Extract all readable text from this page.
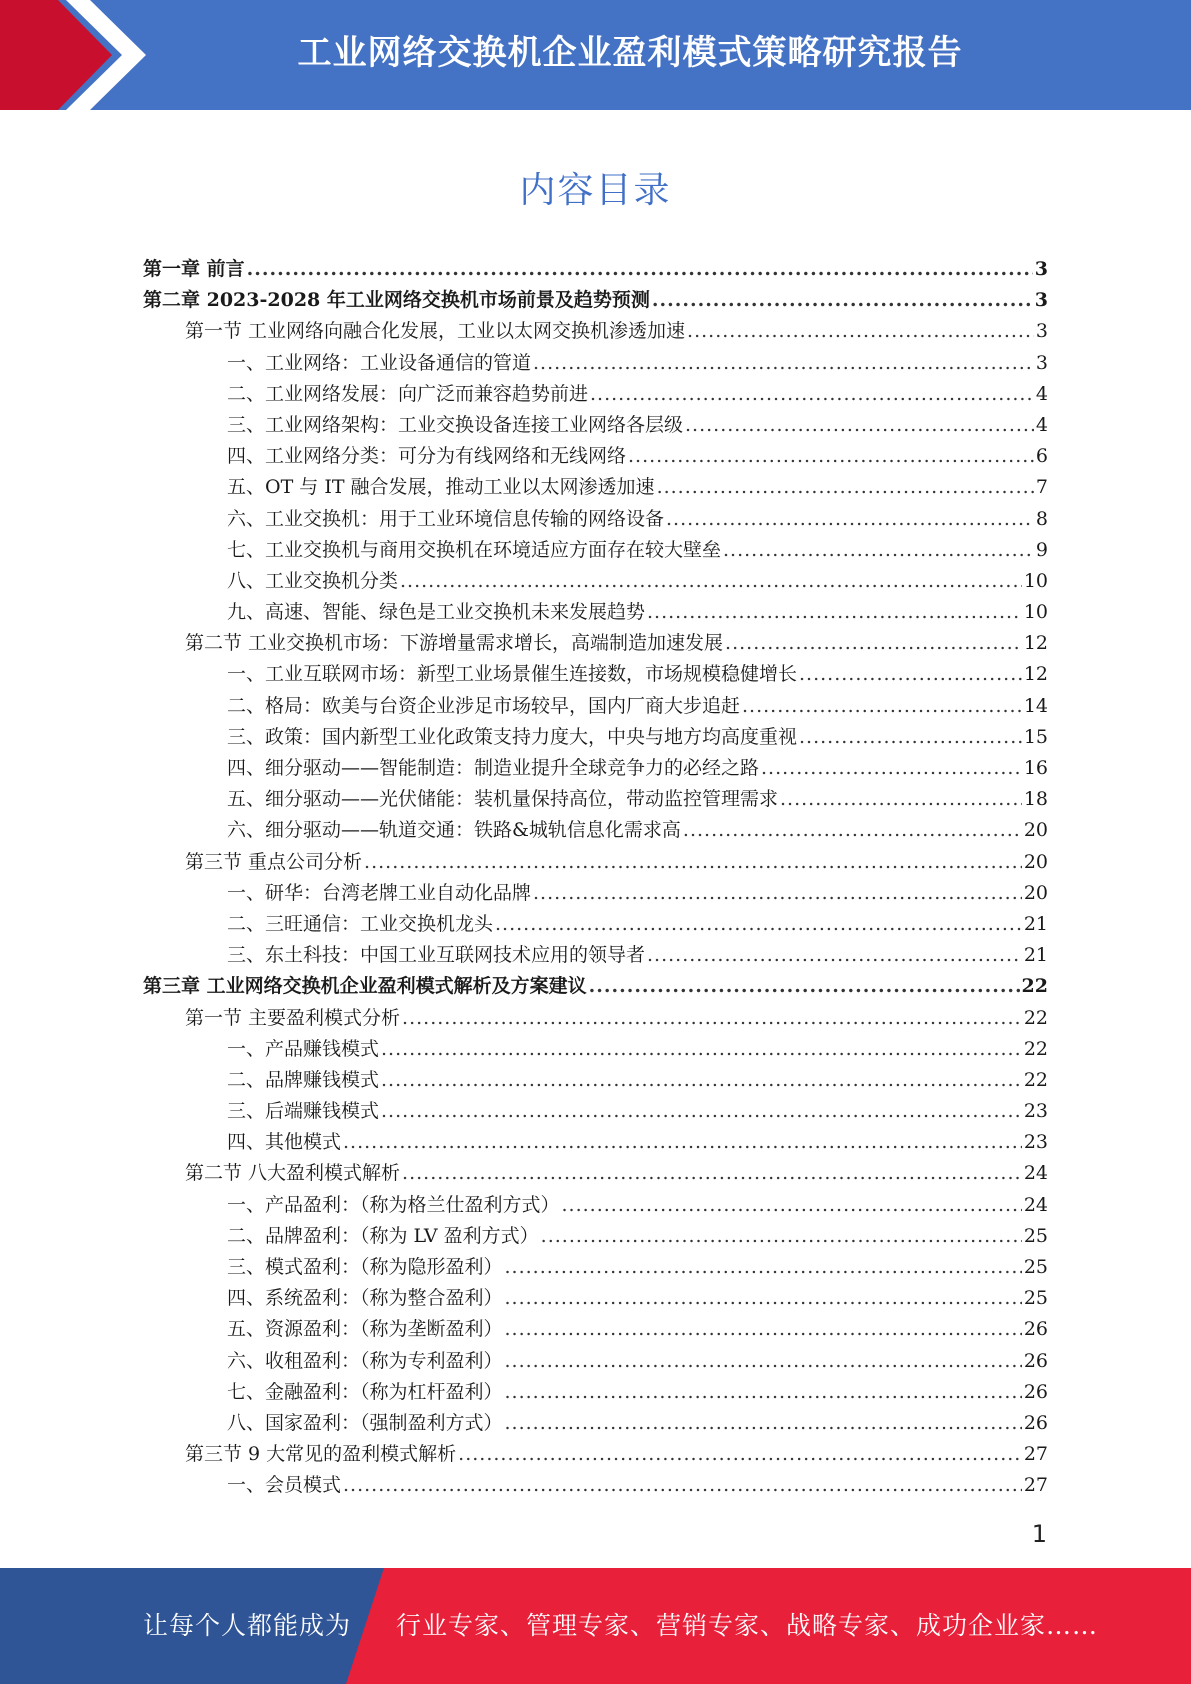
工业网络交换机企业盈利模式策略研究报告
内容目录
第一章 前言 .....	3
第二章 2023-2028 年工业网络交换机市场前景及趋势预测 .....	3
第一节 工业网络向融合化发展，工业以太网交换机渗透加速 .....	3
一、工业网络：工业设备通信的管道 .....	3
二、工业网络发展：向广泛而兼容趋势前进 .....	4
三、工业网络架构：工业交换设备连接工业网络各层级 .....	4
四、工业网络分类：可分为有线网络和无线网络 .....	6
五、OT 与 IT 融合发展，推动工业以太网渗透加速 .....	7
六、工业交换机：用于工业环境信息传输的网络设备 .....	8
七、工业交换机与商用交换机在环境适应方面存在较大壁垒 .....	9
八、工业交换机分类 .....	10
九、高速、智能、绿色是工业交换机未来发展趋势 .....	10
第二节 工业交换机市场：下游增量需求增长，高端制造加速发展 .....	12
一、工业互联网市场：新型工业场景催生连接数，市场规模稳健增长 .....	12
二、格局：欧美与台资企业涉足市场较早，国内厂商大步追赶 .....	14
三、政策：国内新型工业化政策支持力度大，中央与地方均高度重视 .....	15
四、细分驱动——智能制造：制造业提升全球竞争力的必经之路 .....	16
五、细分驱动——光伏储能：装机量保持高位，带动监控管理需求 .....	18
六、细分驱动——轨道交通：铁路&城轨信息化需求高 .....	20
第三节 重点公司分析 .....	20
一、研华：台湾老牌工业自动化品牌 .....	20
二、三旺通信：工业交换机龙头 .....	21
三、东土科技：中国工业互联网技术应用的领导者 .....	21
第三章 工业网络交换机企业盈利模式解析及方案建议 .....	22
第一节 主要盈利模式分析 .....	22
一、产品赚钱模式 .....	22
二、品牌赚钱模式 .....	22
三、后端赚钱模式 .....	23
四、其他模式 .....	23
第二节 八大盈利模式解析 .....	24
一、产品盈利：（称为格兰仕盈利方式） .....	24
二、品牌盈利：（称为 LV 盈利方式） .....	25
三、模式盈利：（称为隐形盈利） .....	25
四、系统盈利：（称为整合盈利） .....	25
五、资源盈利：（称为垄断盈利） .....	26
六、收租盈利：（称为专利盈利） .....	26
七、金融盈利：（称为杠杆盈利） .....	26
八、国家盈利：（强制盈利方式） .....	26
第三节 9 大常见的盈利模式解析 .....	27
一、会员模式 .....	27
1
让每个人都能成为 行业专家、管理专家、营销专家、战略专家、成功企业家……
